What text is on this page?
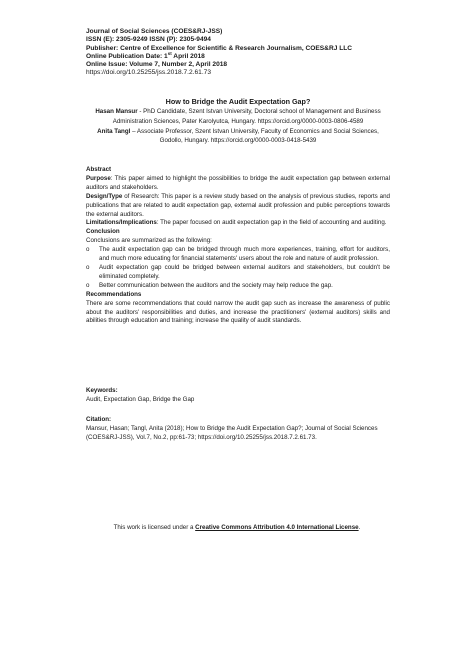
Journal of Social Sciences (COES&RJ-JSS)
ISSN (E): 2305-9249 ISSN (P): 2305-9494
Publisher: Centre of Excellence for Scientific & Research Journalism, COES&RJ LLC
Online Publication Date: 1st April 2018
Online Issue: Volume 7, Number 2, April 2018
https://doi.org/10.25255/jss.2018.7.2.61.73
How to Bridge the Audit Expectation Gap?
Hasan Mansur - PhD Candidate, Szent Istvan University, Doctoral school of Management and Business Administration Sciences, Pater Karolyutca, Hungary. https://orcid.org/0000-0003-0806-4589
Anita Tangl – Associate Professor, Szent Istvan University, Faculty of Economics and Social Sciences, Godollo, Hungary. https://orcid.org/0000-0003-0418-5439

Abstract

Purpose: This paper aimed to highlight the possibilities to bridge the audit expectation gap between external auditors and stakeholders.

Design/Type of Research: This paper is a review study based on the analysis of previous studies, reports and publications that are related to audit expectation gap, external audit profession and public perceptions towards the external auditors.

Limitations/Implications: The paper focused on audit expectation gap in the field of accounting and auditing.

Conclusion

Conclusions are summarized as the following:

o	The audit expectation gap can be bridged through much more experiences, training, effort for auditors, and much more educating for financial statements' users about the role and nature of audit profession.
o	Audit expectation gap could be bridged between external auditors and stakeholders, but couldn't be eliminated completely.
o	Better communication between the auditors and the society may help reduce the gap.

Recommendations

There are some recommendations that could narrow the audit gap such as increase the awareness of public about the auditors' responsibilities and duties, and increase the practitioners' (external auditors) skills and abilities through education and training; increase the quality of audit standards.

Keywords:
Audit, Expectation Gap, Bridge the Gap
Citation:
Mansur, Hasan; Tangl, Anita (2018); How to Bridge the Audit Expectation Gap?; Journal of Social Sciences (COES&RJ-JSS), Vol.7, No.2, pp:61-73; https://doi.org/10.25255/jss.2018.7.2.61.73.
This work is licensed under a Creative Commons Attribution 4.0 International License.
